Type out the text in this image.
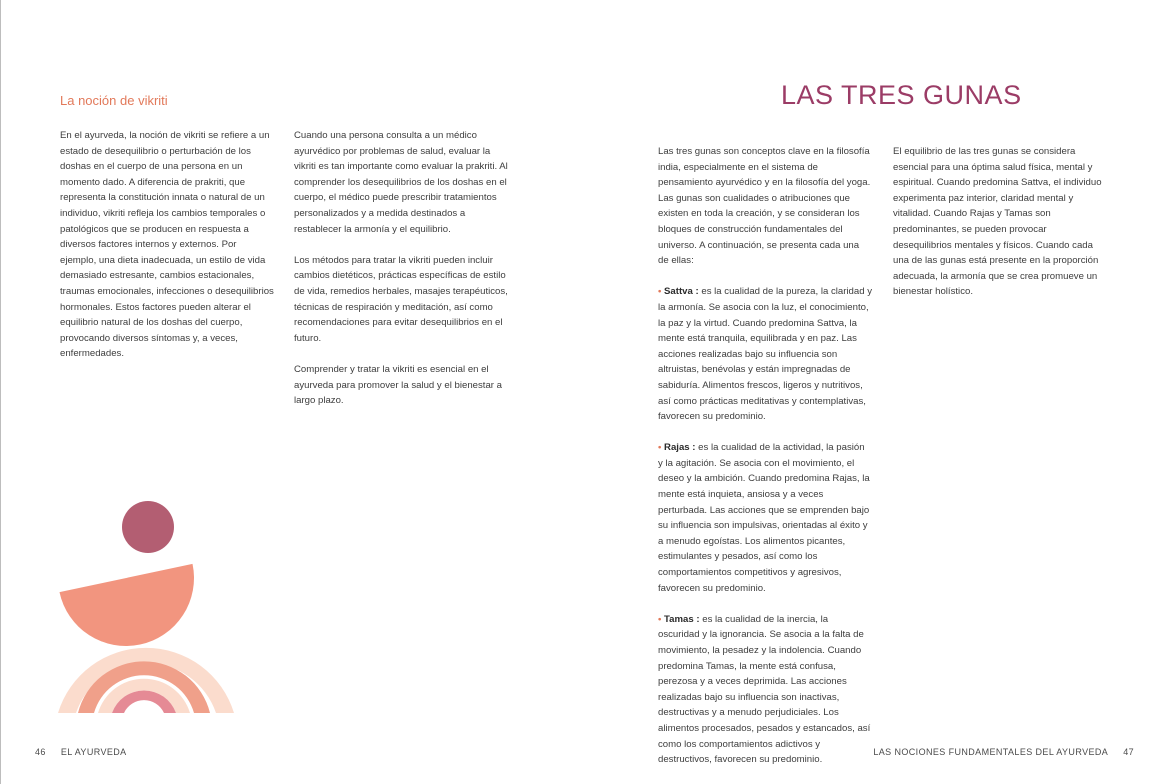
La noción de vikriti

En el ayurveda, la noción de vikriti se refiere a un estado de desequilibrio o perturbación de los doshas en el cuerpo de una persona en un momento dado. A diferencia de prakriti, que representa la constitución innata o natural de un individuo, vikriti refleja los cambios temporales o patológicos que se producen en respuesta a diversos factores internos y externos. Por ejemplo, una dieta inadecuada, un estilo de vida demasiado estresante, cambios estacionales, traumas emocionales, infecciones o desequilibrios hormonales. Estos factores pueden alterar el equilibrio natural de los doshas del cuerpo, provocando diversos síntomas y, a veces, enfermedades.

Cuando una persona consulta a un médico ayurvédico por problemas de salud, evaluar la vikriti es tan importante como evaluar la prakriti. Al comprender los desequilibrios de los doshas en el cuerpo, el médico puede prescribir tratamientos personalizados y a medida destinados a restablecer la armonía y el equilibrio.

Los métodos para tratar la vikriti pueden incluir cambios dietéticos, prácticas específicas de estilo de vida, remedios herbales, masajes terapéuticos, técnicas de respiración y meditación, así como recomendaciones para evitar desequilibrios en el futuro.

Comprender y tratar la vikriti es esencial en el ayurveda para promover la salud y el bienestar a largo plazo.

46 EL AYURVEDA
LAS TRES GUNAS

Las tres gunas son conceptos clave en la filosofía india, especialmente en el sistema de pensamiento ayurvédico y en la filosofía del yoga. Las gunas son cualidades o atribuciones que existen en toda la creación, y se consideran los bloques de construcción fundamentales del universo. A continuación, se presenta cada una de ellas:

• Sattva : es la cualidad de la pureza, la claridad y la armonía. Se asocia con la luz, el conocimiento, la paz y la virtud. Cuando predomina Sattva, la mente está tranquila, equilibrada y en paz. Las acciones realizadas bajo su influencia son altruistas, benévolas y están impregnadas de sabiduría. Alimentos frescos, ligeros y nutritivos, así como prácticas meditativas y contemplativas, favorecen su predominio.

• Rajas : es la cualidad de la actividad, la pasión y la agitación. Se asocia con el movimiento, el deseo y la ambición. Cuando predomina Rajas, la mente está inquieta, ansiosa y a veces perturbada. Las acciones que se emprenden bajo su influencia son impulsivas, orientadas al éxito y a menudo egoístas. Los alimentos picantes, estimulantes y pesados, así como los comportamientos competitivos y agresivos, favorecen su predominio.

• Tamas : es la cualidad de la inercia, la oscuridad y la ignorancia. Se asocia a la falta de movimiento, la pesadez y la indolencia. Cuando predomina Tamas, la mente está confusa, perezosa y a veces deprimida. Las acciones realizadas bajo su influencia son inactivas, destructivas y a menudo perjudiciales. Los alimentos procesados, pesados y estancados, así como los comportamientos adictivos y destructivos, favorecen su predominio.

El equilibrio de las tres gunas se considera esencial para una óptima salud física, mental y espiritual. Cuando predomina Sattva, el individuo experimenta paz interior, claridad mental y vitalidad. Cuando Rajas y Tamas son predominantes, se pueden provocar desequilibrios mentales y físicos. Cuando cada una de las gunas está presente en la proporción adecuada, la armonía que se crea promueve un bienestar holístico.

LAS NOCIONES FUNDAMENTALES DEL AYURVEDA 47
